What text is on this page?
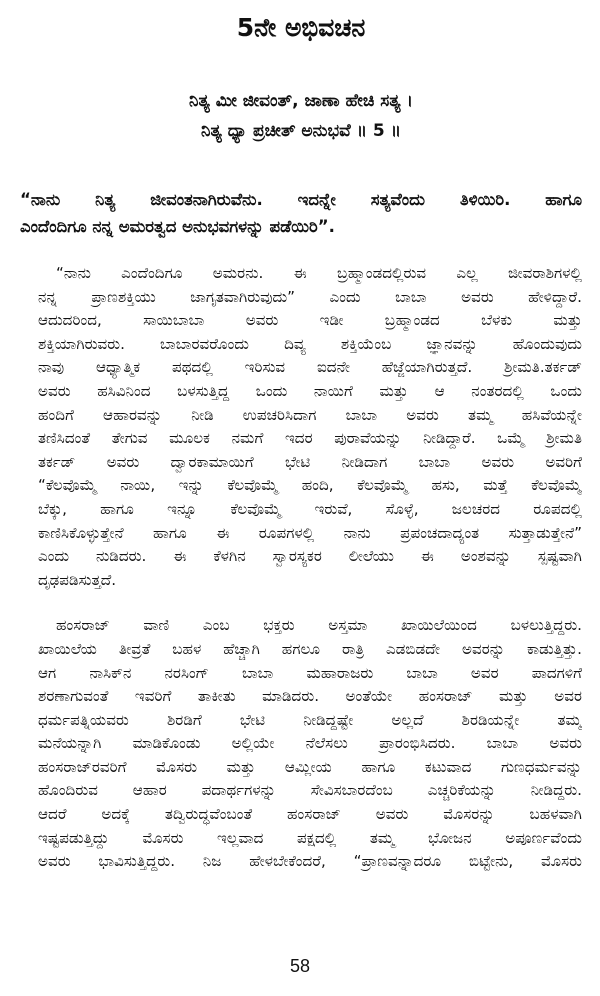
5ನೇ ಅಭಿವಚನ
ನಿತ್ಯ ಮೀ ಜೀವಂತ್, ಜಾಣಾ ಹೇಚಿ ಸತ್ಯ ।
ನಿತ್ಯ ಧ್ಯಾ ಪ್ರಚೀತ್ ಅನುಭವೆ ॥ 5 ॥
“ನಾನು ನಿತ್ಯ ಜೀವಂತನಾಗಿರುವೆನು. ಇದನ್ನೇ ಸತ್ಯವೆಂದು ತಿಳಿಯಿರಿ. ಹಾಗೂ
ಎಂದೆಂದಿಗೂ ನನ್ನ ಅಮರತ್ವದ ಅನುಭವಗಳನ್ನು ಪಡೆಯಿರಿ”.
“ನಾನು ಎಂದೆಂದಿಗೂ ಅಮರನು. ಈ ಬ್ರಹ್ಮಾಂಡದಲ್ಲಿರುವ ಎಲ್ಲ ಜೀವರಾಶಿಗಳಲ್ಲಿ
ನನ್ನ ಪ್ರಾಣಶಕ್ತಿಯು ಜಾಗೃತವಾಗಿರುವುದು” ಎಂದು ಬಾಬಾ ಅವರು ಹೇಳಿದ್ದಾರೆ.
ಆದುದರಿಂದ, ಸಾಯಿಬಾಬಾ ಅವರು ಇಡೀ ಬ್ರಹ್ಮಾಂಡದ ಬೆಳಕು ಮತ್ತು
ಶಕ್ತಿಯಾಗಿರುವರು. ಬಾಬಾರವರೊಂದು ದಿವ್ಯ ಶಕ್ತಿಯೆಂಬ ಜ್ಞಾನವನ್ನು ಹೊಂದುವುದು
ನಾವು ಆಧ್ಯಾತ್ಮಿಕ ಪಥದಲ್ಲಿ ಇರಿಸುವ ಐದನೇ ಹೆಜ್ಜೆಯಾಗಿರುತ್ತದೆ. ಶ್ರೀಮತಿ.ತರ್ಕಡ್
ಅವರು ಹಸಿವಿನಿಂದ ಬಳಸುತ್ತಿದ್ದ ಒಂದು ನಾಯಿಗೆ ಮತ್ತು ಆ ನಂತರದಲ್ಲಿ ಒಂದು
ಹಂದಿಗೆ ಆಹಾರವನ್ನು ನೀಡಿ ಉಪಚರಿಸಿದಾಗ ಬಾಬಾ ಅವರು ತಮ್ಮ ಹಸಿವೆಯನ್ನೇ
ತಣಿಸಿದಂತೆ ತೇಗುವ ಮೂಲಕ ನಮಗೆ ಇದರ ಪುರಾವೆಯನ್ನು ನೀಡಿದ್ದಾರೆ. ಒಮ್ಮೆ ಶ್ರೀಮತಿ
ತರ್ಕಡ್ ಅವರು ದ್ವಾರಕಾಮಾಯಿಗೆ ಭೇಟಿ ನೀಡಿದಾಗ ಬಾಬಾ ಅವರು ಅವರಿಗೆ
“ಕೆಲವೊಮ್ಮೆ ನಾಯಿ, ಇನ್ನು ಕೆಲವೊಮ್ಮೆ ಹಂದಿ, ಕೆಲವೊಮ್ಮೆ ಹಸು, ಮತ್ತೆ ಕೆಲವೊಮ್ಮೆ
ಬೆಕ್ಕು, ಹಾಗೂ ಇನ್ನೂ ಕೆಲವೊಮ್ಮೆ ಇರುವೆ, ಸೊಳ್ಳೆ, ಜಲಚರದ ರೂಪದಲ್ಲಿ
ಕಾಣಿಸಿಕೊಳ್ಳುತ್ತೇನೆ ಹಾಗೂ ಈ ರೂಪಗಳಲ್ಲಿ ನಾನು ಪ್ರಪಂಚದಾದ್ಯಂತ ಸುತ್ತಾಡುತ್ತೇನೆ”
ಎಂದು ನುಡಿದರು. ಈ ಕೆಳಗಿನ ಸ್ವಾರಸ್ಯಕರ ಲೀಲೆಯು ಈ ಅಂಶವನ್ನು ಸ್ಪಷ್ಟವಾಗಿ
ದೃಢಪಡಿಸುತ್ತದೆ.
ಹಂಸರಾಜ್ ವಾಣಿ ಎಂಬ ಭಕ್ತರು ಅಸ್ತಮಾ ಖಾಯಿಲೆಯಿಂದ ಬಳಲುತ್ತಿದ್ದರು.
ಖಾಯಿಲೆಯ ತೀವ್ರತೆ ಬಹಳ ಹೆಚ್ಚಾಗಿ ಹಗಲೂ ರಾತ್ರಿ ಎಡಬಿಡದೇ ಅವರನ್ನು ಕಾಡುತ್ತಿತ್ತು.
ಆಗ ನಾಸಿಕ್‌ನ ನರಸಿಂಗ್ ಬಾಬಾ ಮಹಾರಾಜರು ಬಾಬಾ ಅವರ ಪಾದಗಳಿಗೆ
ಶರಣಾಗುವಂತೆ ಇವರಿಗೆ ತಾಕೀತು ಮಾಡಿದರು. ಅಂತೆಯೇ ಹಂಸರಾಜ್ ಮತ್ತು ಅವರ
ಧರ್ಮಪತ್ನಿಯವರು ಶಿರಡಿಗೆ ಭೇಟಿ ನೀಡಿದ್ದಷ್ಟೇ ಅಲ್ಲದೆ ಶಿರಡಿಯನ್ನೇ ತಮ್ಮ
ಮನೆಯನ್ನಾಗಿ ಮಾಡಿಕೊಂಡು ಅಲ್ಲಿಯೇ ನೆಲೆಸಲು ಪ್ರಾರಂಭಿಸಿದರು. ಬಾಬಾ ಅವರು
ಹಂಸರಾಜ್‌ರವರಿಗೆ ಮೊಸರು ಮತ್ತು ಆಮ್ಲೀಯ ಹಾಗೂ ಕಟುವಾದ ಗುಣಧರ್ಮವನ್ನು
ಹೊಂದಿರುವ ಆಹಾರ ಪದಾರ್ಥಗಳನ್ನು ಸೇವಿಸಬಾರದೆಂಬ ಎಚ್ಚರಿಕೆಯನ್ನು ನೀಡಿದ್ದರು.
ಆದರೆ ಅದಕ್ಕೆ ತದ್ವಿರುದ್ಧವೆಂಬಂತೆ ಹಂಸರಾಜ್ ಅವರು ಮೊಸರನ್ನು ಬಹಳವಾಗಿ
ಇಷ್ಟಪಡುತ್ತಿದ್ದು ಮೊಸರು ಇಲ್ಲವಾದ ಪಕ್ಷದಲ್ಲಿ ತಮ್ಮ ಭೋಜನ ಅಪೂರ್ಣವೆಂದು
ಅವರು ಭಾವಿಸುತ್ತಿದ್ದರು. ನಿಜ ಹೇಳಬೇಕೆಂದರೆ, “ಪ್ರಾಣವನ್ನಾದರೂ ಬಿಟ್ಟೇನು, ಮೊಸರು
58
